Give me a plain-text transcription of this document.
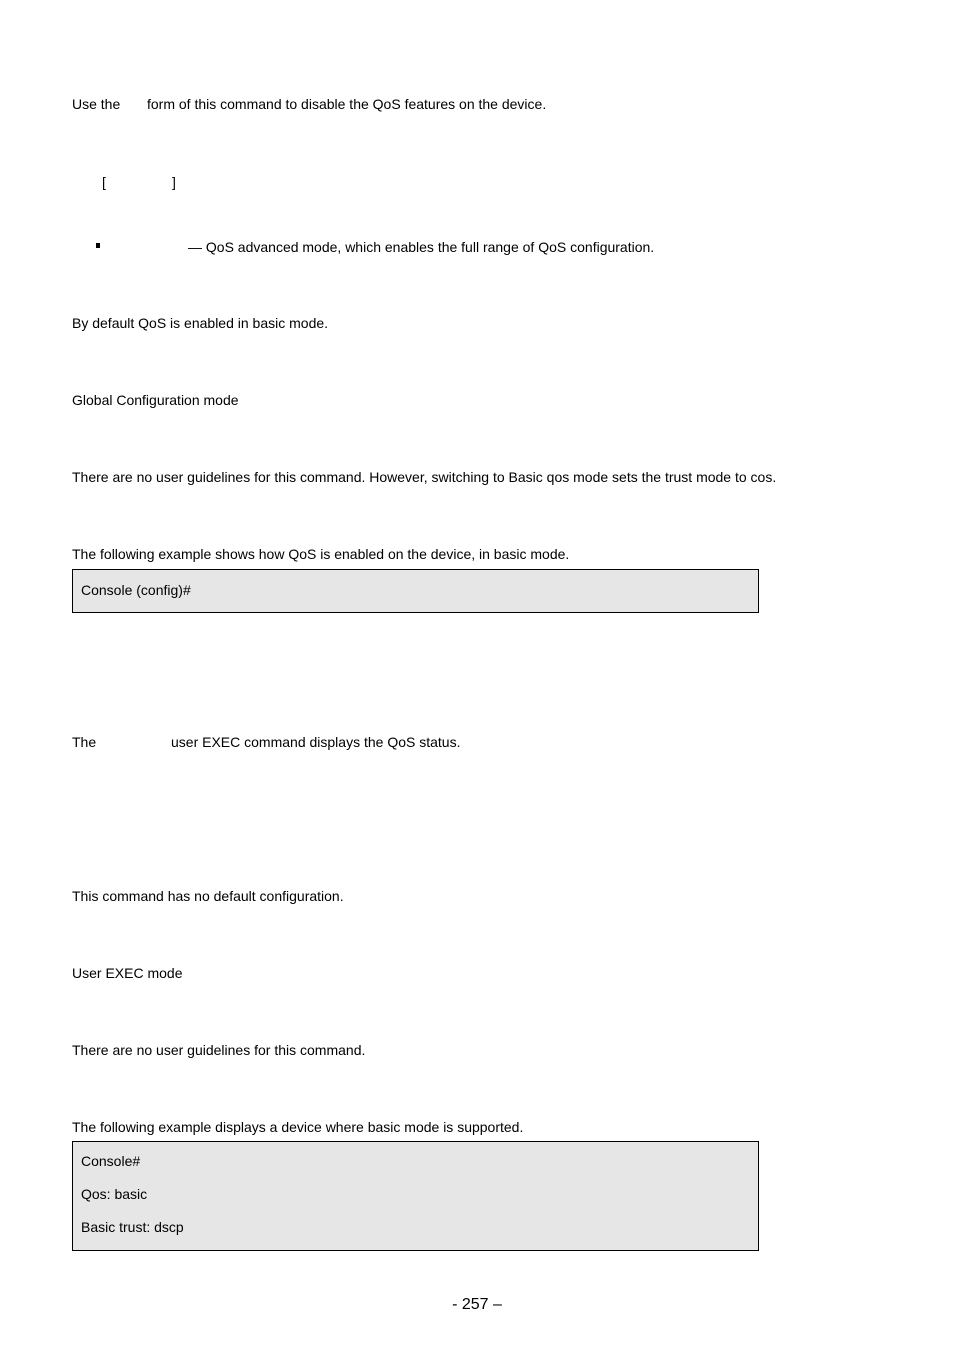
Use the form of this command to disable the QoS features on the device.
[	]
— QoS advanced mode, which enables the full range of QoS configuration.
By default QoS is enabled in basic mode.
Global Configuration mode
There are no user guidelines for this command. However, switching to Basic qos mode sets the trust mode to cos.
The following example shows how QoS is enabled on the device, in basic mode.
Console (config)#
The	user EXEC command displays the QoS status.
This command has no default configuration.
User EXEC mode
There are no user guidelines for this command.
The following example displays a device where basic mode is supported.
Console#
Qos: basic
Basic trust: dscp
- 257 –
